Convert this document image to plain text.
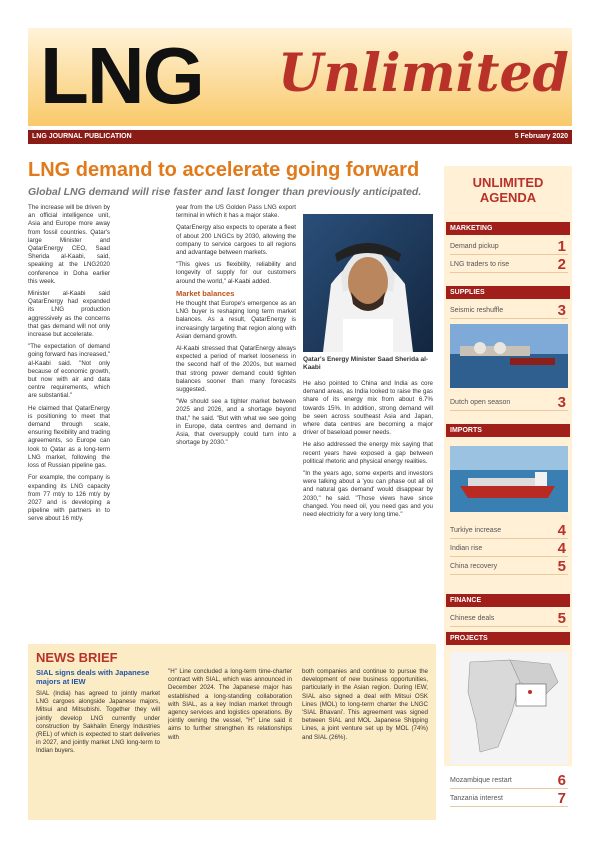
LNG Unlimited
LNG JOURNAL PUBLICATION	5 February 2020
LNG demand to accelerate going forward
Global LNG demand will rise faster and last longer than previously anticipated.

The increase will be driven by an official intelligence unit, Asia and Europe more away from fossil countries. Qatar's large Minister and QatarEnergy CEO, Saad Sherida al-Kaabi, said, speaking at the LNG2020 conference in Doha earlier this week.

Minister al-Kaabi said QatarEnergy had expanded its LNG production aggressively as the concerns that gas demand will not only increase but accelerate.

"The expectation of demand going forward has increased," al-Kaabi said. "Not only because of economic growth, but now with air and data centre requirements, which are substantial."

He claimed that QatarEnergy is positioning to meet that demand through scale, ensuring flexibility and trading agreements, so Europe can look to Qatar as a long-term LNG market, following the loss of Russian pipeline gas.

For example, the company is expanding its LNG capacity from 77 mt/y to 126 mt/y by 2027 and is developing a pipeline with partners in to serve about 16 mt/y.

year from the US Golden Pass LNG export terminal in which it has a major stake.

QatarEnergy also expects to operate a fleet of about 200 LNGCs by 2030, allowing the company to service cargoes to all regions and advantage between markets.

"This gives us flexibility, reliability and longevity of supply for our customers around the world," al-Kaabi added.

Market balances

He thought that Europe's emergence as an LNG buyer is reshaping long term market balances. As a result, QatarEnergy is increasingly targeting that region along with Asian demand growth.

Al-Kaabi stressed that QatarEnergy always expected a period of market looseness in the second half of the 2020s, but warned that strong power demand could tighten balances sooner than many forecasts suggested.

"We should see a tighter market between 2025 and 2026, and a shortage beyond that," he said. "But with what we see going in Europe, data centres and demand in Asia, that oversupply could turn into a shortage by 2030."

Qatar's Energy Minister Saad Sherida al-Kaabi

He also pointed to China and India as core demand areas, as India looked to raise the gas share of its energy mix from about 6.7% towards 15%. In addition, strong demand will be seen across southeast Asia and Japan, where data centres are becoming a major driver of baseload power needs.

He also addressed the energy mix saying that recent years have exposed a gap between political rhetoric and physical energy realities.

"In the years ago, some experts and investors were talking about a 'you can phase out all oil and natural gas demand' would disappear by 2030," he said. "Those views have since changed. You need oil, you need gas and you need electricity for a very long time."

UNLIMITED AGENDA
MARKETING
Demand pickup	1
LNG traders to rise	2
SUPPLIES
Seismic reshuffle	3
Dutch open season	3
IMPORTS
Turkiye increase	4
Indian rise	4
China recovery	5
FINANCE
Chinese deals	5
PROJECTS
Mozambique restart	6
Tanzania interest	7
NEWS BRIEF
SIAL signs deals with Japanese majors at IEW
SIAL (India) has agreed to jointly market LNG cargoes alongside Japanese majors, Mitsui and Mitsubishi. Together they will jointly develop LNG currently under construction by Sakhalin Energy Industries (REL) of which is expected to start deliveries in 2027, and jointly market LNG long-term to Indian buyers.
"H" Line concluded a long-term time-charter contract with SIAL, which was announced in December 2024. The Japanese major has established a long-standing collaboration with SIAL, as a key Indian market through agency services and logistics operations. By jointly owning the vessel, "H" Line said it aims to further strengthen its relationships with
both companies and continue to pursue the development of new business opportunities, particularly in the Asian region. During IEW, SIAL also signed a deal with Mitsui OSK Lines (MOL) to long-term charter the LNGC 'SIAL Bhavani'. This agreement was signed between SIAL and MOL Japanese Shipping Lines, a joint venture set up by MOL (74%) and SIAL (26%).
